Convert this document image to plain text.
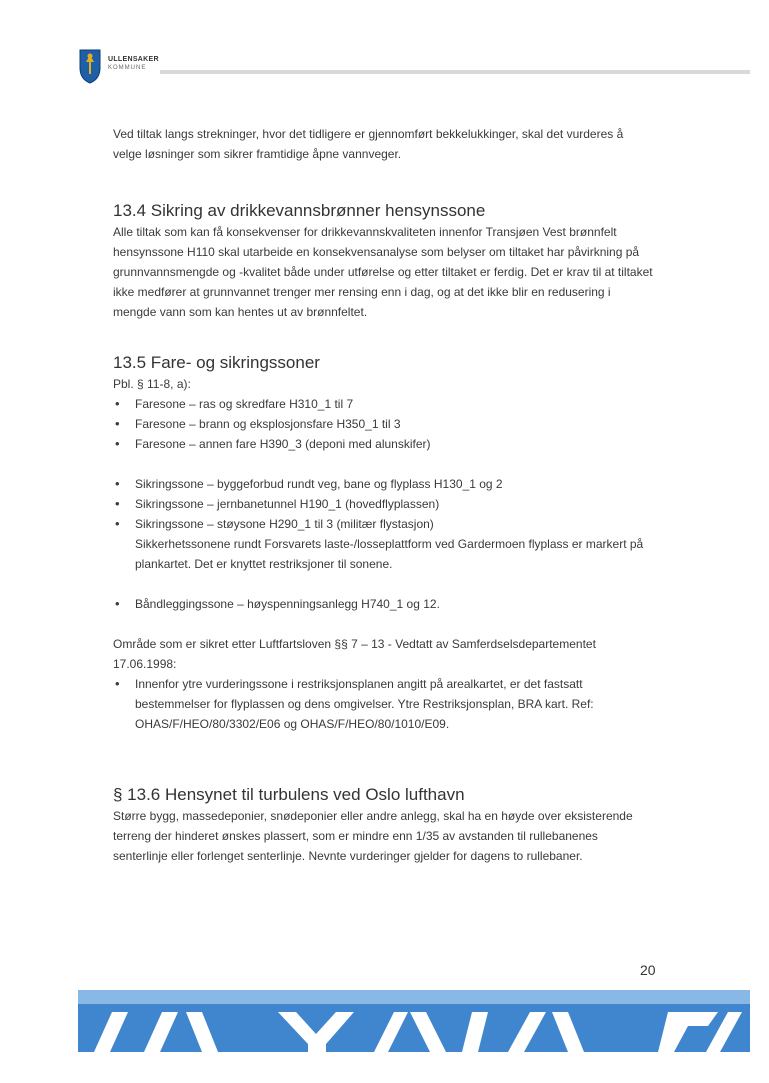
ULLENSAKER
KOMMUNE

Ved tiltak langs strekninger, hvor det tidligere er gjennomført bekkelukkinger, skal det vurderes å velge løsninger som sikrer framtidige åpne vannveger.

13.4 Sikring av drikkevannsbrønner hensynssone

Alle tiltak som kan få konsekvenser for drikkevannskvaliteten innenfor Transjøen Vest brønnfelt hensynssone H110 skal utarbeide en konsekvensanalyse som belyser om tiltaket har påvirkning på grunnvannsmengde og -kvalitet både under utførelse og etter tiltaket er ferdig. Det er krav til at tiltaket ikke medfører at grunnvannet trenger mer rensing enn i dag, og at det ikke blir en redusering i mengde vann som kan hentes ut av brønnfeltet.

13.5 Fare- og sikringssoner

Pbl. § 11-8, a):

• Faresone – ras og skredfare H310_1 til 7
• Faresone – brann og eksplosjonsfare H350_1 til 3
• Faresone – annen fare H390_3 (deponi med alunskifer)
• Sikringssone – byggeforbud rundt veg, bane og flyplass H130_1 og 2
• Sikringssone – jernbanetunnel H190_1 (hovedflyplassen)
• Sikringssone – støysone H290_1 til 3 (militær flystasjon)

Sikkerhetssonene rundt Forsvarets laste-/losseplattform ved Gardermoen flyplass er markert på plankartet. Det er knyttet restriksjoner til sonene.

• Båndleggingssone – høyspenningsanlegg H740_1 og 12.

Område som er sikret etter Luftfartsloven §§ 7 – 13 - Vedtatt av Samferdselsdepartementet 17.06.1998:

• Innenfor ytre vurderingssone i restriksjonsplanen angitt på arealkartet, er det fastsatt bestemmelser for flyplassen og dens omgivelser. Ytre Restriksjonsplan, BRA kart. Ref: OHAS/F/HEO/80/3302/E06 og OHAS/F/HEO/80/1010/E09.
§ 13.6 Hensynet til turbulens ved Oslo lufthavn

Større bygg, massedeponier, snødeponier eller andre anlegg, skal ha en høyde over eksisterende terreng der hinderet ønskes plassert, som er mindre enn 1/35 av avstanden til rullebanenes senterlinje eller forlenget senterlinje. Nevnte vurderinger gjelder for dagens to rullebaner.

20
